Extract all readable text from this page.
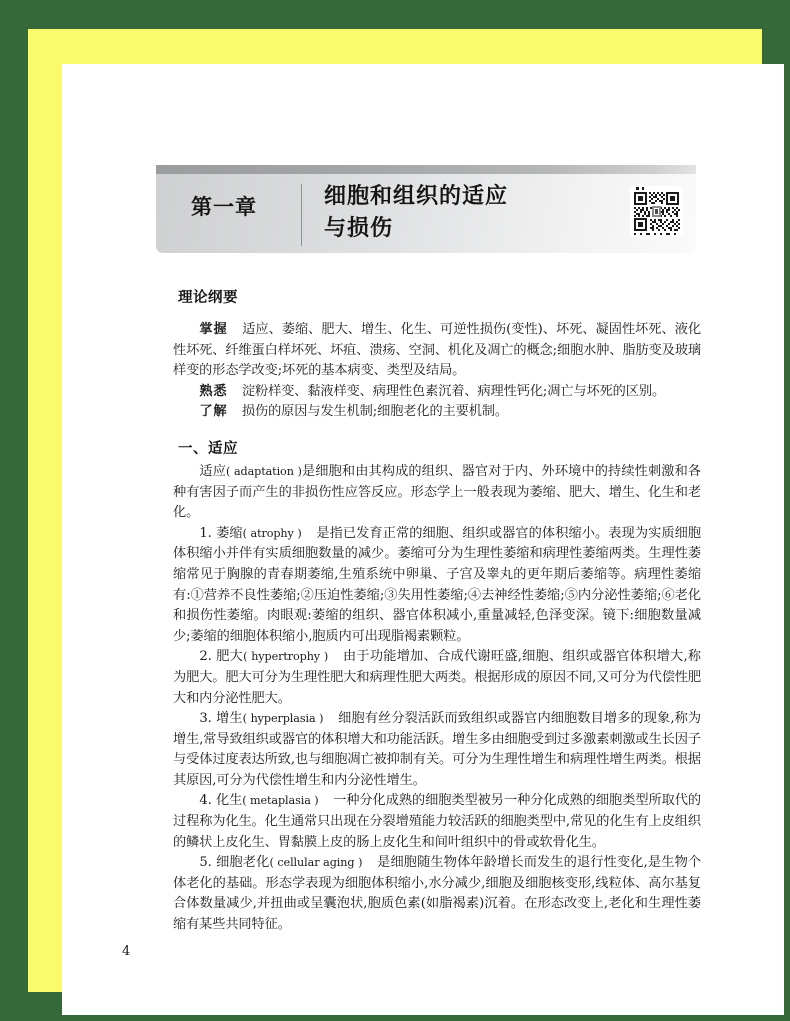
第一章	细胞和组织的适应
与损伤
理论纲要

掌握 适应、萎缩、肥大、增生、化生、可逆性损伤(变性)、坏死、凝固性坏死、液化性坏死、纤维蛋白样坏死、坏疽、溃疡、空洞、机化及凋亡的概念;细胞水肿、脂肪变及玻璃样变的形态学改变;坏死的基本病变、类型及结局。

熟悉 淀粉样变、黏液样变、病理性色素沉着、病理性钙化;凋亡与坏死的区别。

了解 损伤的原因与发生机制;细胞老化的主要机制。

一、适应

适应( adaptation )是细胞和由其构成的组织、器官对于内、外环境中的持续性刺激和各种有害因子而产生的非损伤性应答反应。形态学上一般表现为萎缩、肥大、增生、化生和老化。

1. 萎缩( atrophy ) 是指已发育正常的细胞、组织或器官的体积缩小。表现为实质细胞体积缩小并伴有实质细胞数量的减少。萎缩可分为生理性萎缩和病理性萎缩两类。生理性萎缩常见于胸腺的青春期萎缩,生殖系统中卵巢、子宫及睾丸的更年期后萎缩等。病理性萎缩有:①营养不良性萎缩;②压迫性萎缩;③失用性萎缩;④去神经性萎缩;⑤内分泌性萎缩;⑥老化和损伤性萎缩。肉眼观:萎缩的组织、器官体积减小,重量减轻,色泽变深。镜下:细胞数量减少;萎缩的细胞体积缩小,胞质内可出现脂褐素颗粒。

2. 肥大( hypertrophy ) 由于功能增加、合成代谢旺盛,细胞、组织或器官体积增大,称为肥大。肥大可分为生理性肥大和病理性肥大两类。根据形成的原因不同,又可分为代偿性肥大和内分泌性肥大。

3. 增生( hyperplasia ) 细胞有丝分裂活跃而致组织或器官内细胞数目增多的现象,称为增生,常导致组织或器官的体积增大和功能活跃。增生多由细胞受到过多激素刺激或生长因子与受体过度表达所致,也与细胞凋亡被抑制有关。可分为生理性增生和病理性增生两类。根据其原因,可分为代偿性增生和内分泌性增生。

4. 化生( metaplasia ) 一种分化成熟的细胞类型被另一种分化成熟的细胞类型所取代的过程称为化生。化生通常只出现在分裂增殖能力较活跃的细胞类型中,常见的化生有上皮组织的鳞状上皮化生、胃黏膜上皮的肠上皮化生和间叶组织中的骨或软骨化生。

5. 细胞老化( cellular aging ) 是细胞随生物体年龄增长而发生的退行性变化,是生物个体老化的基础。形态学表现为细胞体积缩小,水分减少,细胞及细胞核变形,线粒体、高尔基复合体数量减少,并扭曲或呈囊泡状,胞质色素(如脂褐素)沉着。在形态改变上,老化和生理性萎缩有某些共同特征。

4
